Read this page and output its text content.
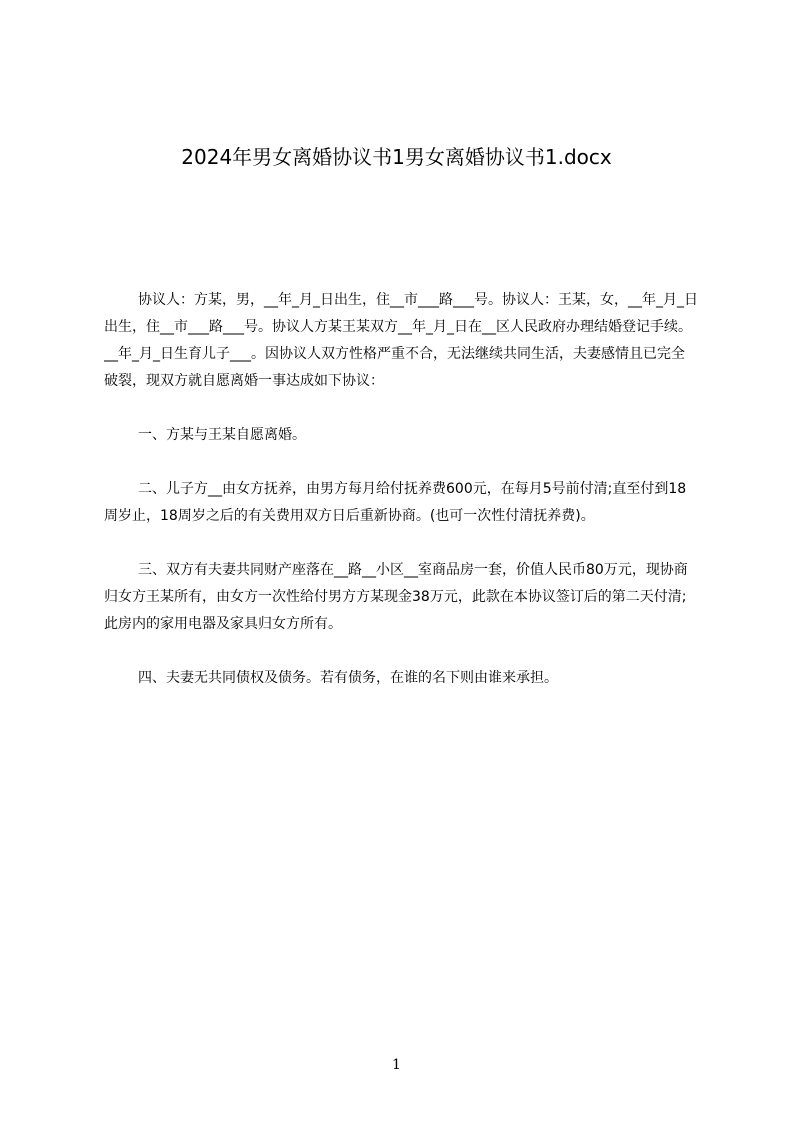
2024年男女离婚协议书1男女离婚协议书1.docx

协议人：方某，男，__年_月_日出生，住__市___路___号。协议人：王某，女，__年_月_日出生，住__市___路___号。协议人方某王某双方__年_月_日在__区人民政府办理结婚登记手续。__年_月_日生育儿子___。因协议人双方性格严重不合，无法继续共同生活，夫妻感情且已完全破裂，现双方就自愿离婚一事达成如下协议：

一、方某与王某自愿离婚。

二、儿子方__由女方抚养，由男方每月给付抚养费600元，在每月5号前付清;直至付到18周岁止，18周岁之后的有关费用双方日后重新协商。(也可一次性付清抚养费)。

三、双方有夫妻共同财产座落在__路__小区__室商品房一套，价值人民币80万元，现协商归女方王某所有，由女方一次性给付男方方某现金38万元，此款在本协议签订后的第二天付清;此房内的家用电器及家具归女方所有。

四、夫妻无共同债权及债务。若有债务，在谁的名下则由谁来承担。

1
